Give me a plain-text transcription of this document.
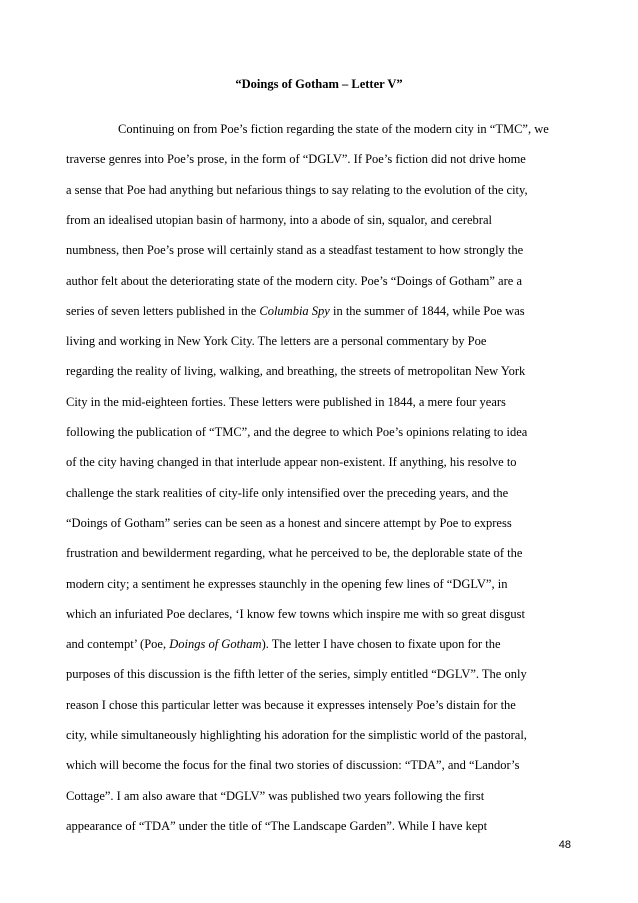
“Doings of Gotham – Letter V”
Continuing on from Poe’s fiction regarding the state of the modern city in “TMC”, we
traverse genres into Poe’s prose, in the form of “DGLV”. If Poe’s fiction did not drive home
a sense that Poe had anything but nefarious things to say relating to the evolution of the city,
from an idealised utopian basin of harmony, into a abode of sin, squalor, and cerebral
numbness, then Poe’s prose will certainly stand as a steadfast testament to how strongly the
author felt about the deteriorating state of the modern city. Poe’s “Doings of Gotham” are a
series of seven letters published in the Columbia Spy in the summer of 1844, while Poe was
living and working in New York City. The letters are a personal commentary by Poe
regarding the reality of living, walking, and breathing, the streets of metropolitan New York
City in the mid-eighteen forties. These letters were published in 1844, a mere four years
following the publication of “TMC”, and the degree to which Poe’s opinions relating to idea
of the city having changed in that interlude appear non-existent. If anything, his resolve to
challenge the stark realities of city-life only intensified over the preceding years, and the
“Doings of Gotham” series can be seen as a honest and sincere attempt by Poe to express
frustration and bewilderment regarding, what he perceived to be, the deplorable state of the
modern city; a sentiment he expresses staunchly in the opening few lines of “DGLV”, in
which an infuriated Poe declares, ‘I know few towns which inspire me with so great disgust
and contempt’ (Poe, Doings of Gotham). The letter I have chosen to fixate upon for the
purposes of this discussion is the fifth letter of the series, simply entitled “DGLV”. The only
reason I chose this particular letter was because it expresses intensely Poe’s distain for the
city, while simultaneously highlighting his adoration for the simplistic world of the pastoral,
which will become the focus for the final two stories of discussion: “TDA”, and “Landor’s
Cottage”. I am also aware that “DGLV” was published two years following the first
appearance of “TDA” under the title of “The Landscape Garden”. While I have kept
48
